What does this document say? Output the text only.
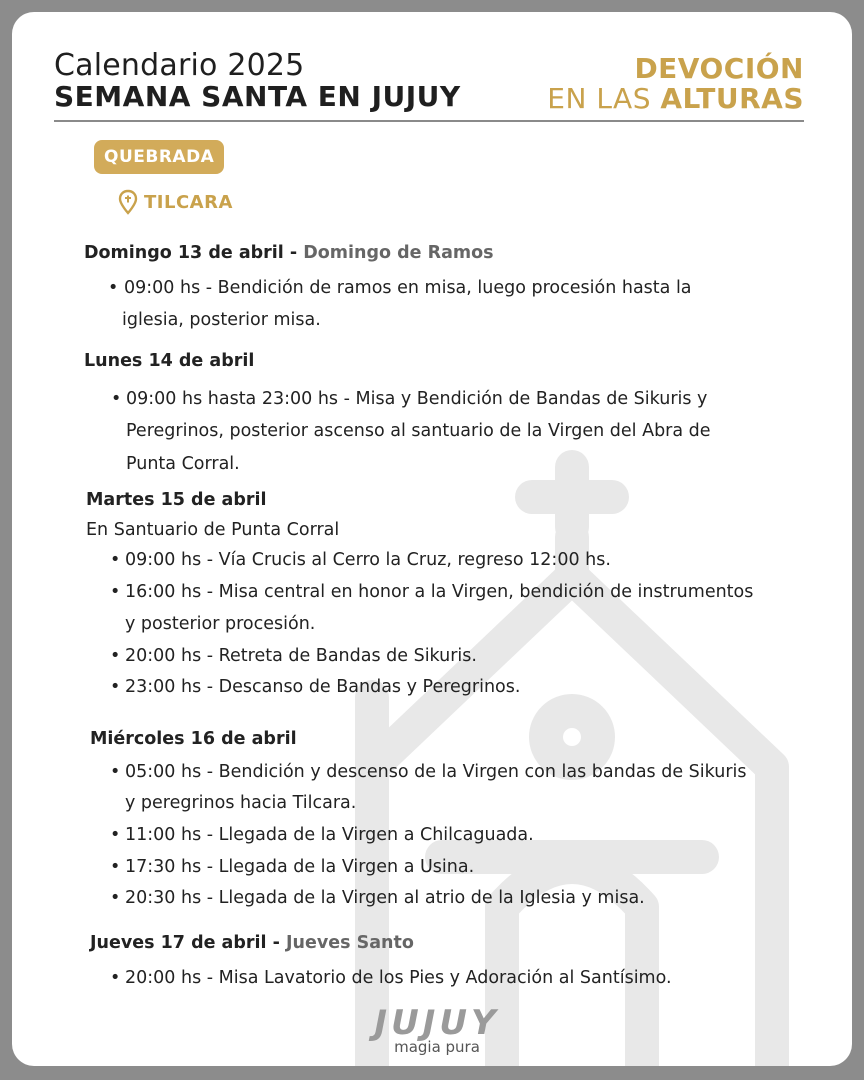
Calendario 2025
SEMANA SANTA EN JUJUY
DEVOCIÓN
EN LAS ALTURAS
QUEBRADA
TILCARA
Domingo 13 de abril - Domingo de Ramos
• 09:00 hs - Bendición de ramos en misa, luego procesión hasta la
iglesia, posterior misa.
Lunes 14 de abril
• 09:00 hs hasta 23:00 hs - Misa y Bendición de Bandas de Sikuris y
Peregrinos, posterior ascenso al santuario de la Virgen del Abra de
Punta Corral.
Martes 15 de abril
En Santuario de Punta Corral
• 09:00 hs - Vía Crucis al Cerro la Cruz, regreso 12:00 hs.
• 16:00 hs - Misa central en honor a la Virgen, bendición de instrumentos
y posterior procesión.
• 20:00 hs - Retreta de Bandas de Sikuris.
• 23:00 hs - Descanso de Bandas y Peregrinos.
Miércoles 16 de abril
• 05:00 hs - Bendición y descenso de la Virgen con las bandas de Sikuris
y peregrinos hacia Tilcara.
• 11:00 hs - Llegada de la Virgen a Chilcaguada.
• 17:30 hs - Llegada de la Virgen a Usina.
• 20:30 hs - Llegada de la Virgen al atrio de la Iglesia y misa.
Jueves 17 de abril - Jueves Santo
• 20:00 hs - Misa Lavatorio de los Pies y Adoración al Santísimo.
JUJUY
magia pura
